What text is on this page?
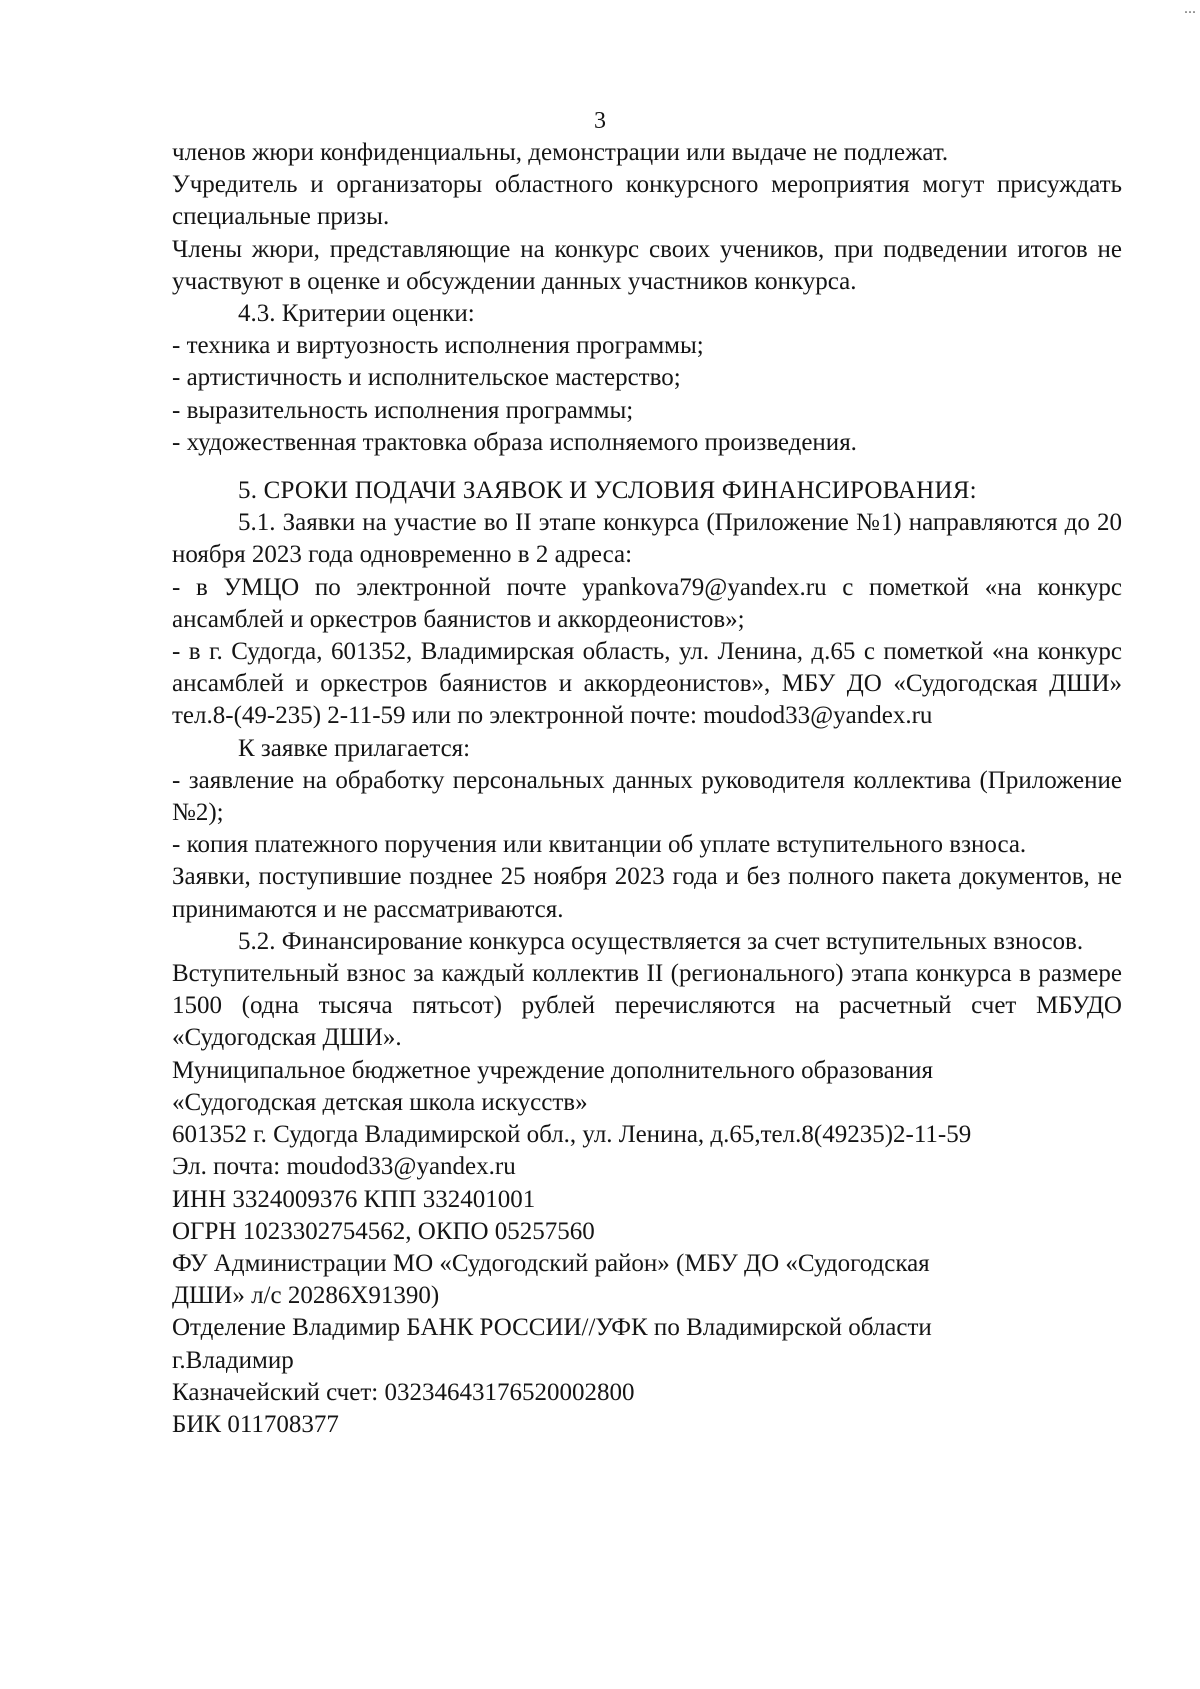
...
3

членов жюри конфиденциальны, демонстрации или выдаче не подлежат.

Учредитель и организаторы областного конкурсного мероприятия могут присуждать специальные призы.

Члены жюри, представляющие на конкурс своих учеников, при подведении итогов не участвуют в оценке и обсуждении данных участников конкурса.

4.3. Критерии оценки:

- техника и виртуозность исполнения программы;

- артистичность и исполнительское мастерство;

- выразительность исполнения программы;

- художественная трактовка образа исполняемого произведения.

5. СРОКИ ПОДАЧИ ЗАЯВОК И УСЛОВИЯ ФИНАНСИРОВАНИЯ:

5.1. Заявки на участие во II этапе конкурса (Приложение №1) направляются до 20 ноября 2023 года одновременно в 2 адреса:

- в УМЦО по электронной почте ypankova79@yandex.ru с пометкой «на конкурс ансамблей и оркестров баянистов и аккордеонистов»;

- в г. Судогда, 601352, Владимирская область, ул. Ленина, д.65 с пометкой «на конкурс ансамблей и оркестров баянистов и аккордеонистов», МБУ ДО «Судогодская ДШИ» тел.8-(49-235) 2-11-59 или по электронной почте: moudod33@yandex.ru

К заявке прилагается:

- заявление на обработку персональных данных руководителя коллектива (Приложение №2);

- копия платежного поручения или квитанции об уплате вступительного взноса.

Заявки, поступившие позднее 25 ноября 2023 года и без полного пакета документов, не принимаются и не рассматриваются.

5.2. Финансирование конкурса осуществляется за счет вступительных взносов.

Вступительный взнос за каждый коллектив II (регионального) этапа конкурса в размере 1500 (одна тысяча пятьсот) рублей перечисляются на расчетный счет МБУДО «Судогодская ДШИ».

Муниципальное бюджетное учреждение дополнительного образования

«Судогодская детская школа искусств»

601352 г. Судогда Владимирской обл., ул. Ленина, д.65,тел.8(49235)2-11-59

Эл. почта: moudod33@yandex.ru

ИНН 3324009376 КПП 332401001

ОГРН 1023302754562, ОКПО 05257560

ФУ Администрации МО «Судогодский район» (МБУ ДО «Судогодская

ДШИ» л/с 20286X91390)

Отделение Владимир БАНК РОССИИ//УФК по Владимирской области

г.Владимир

Казначейский счет: 03234643176520002800

БИК 011708377
